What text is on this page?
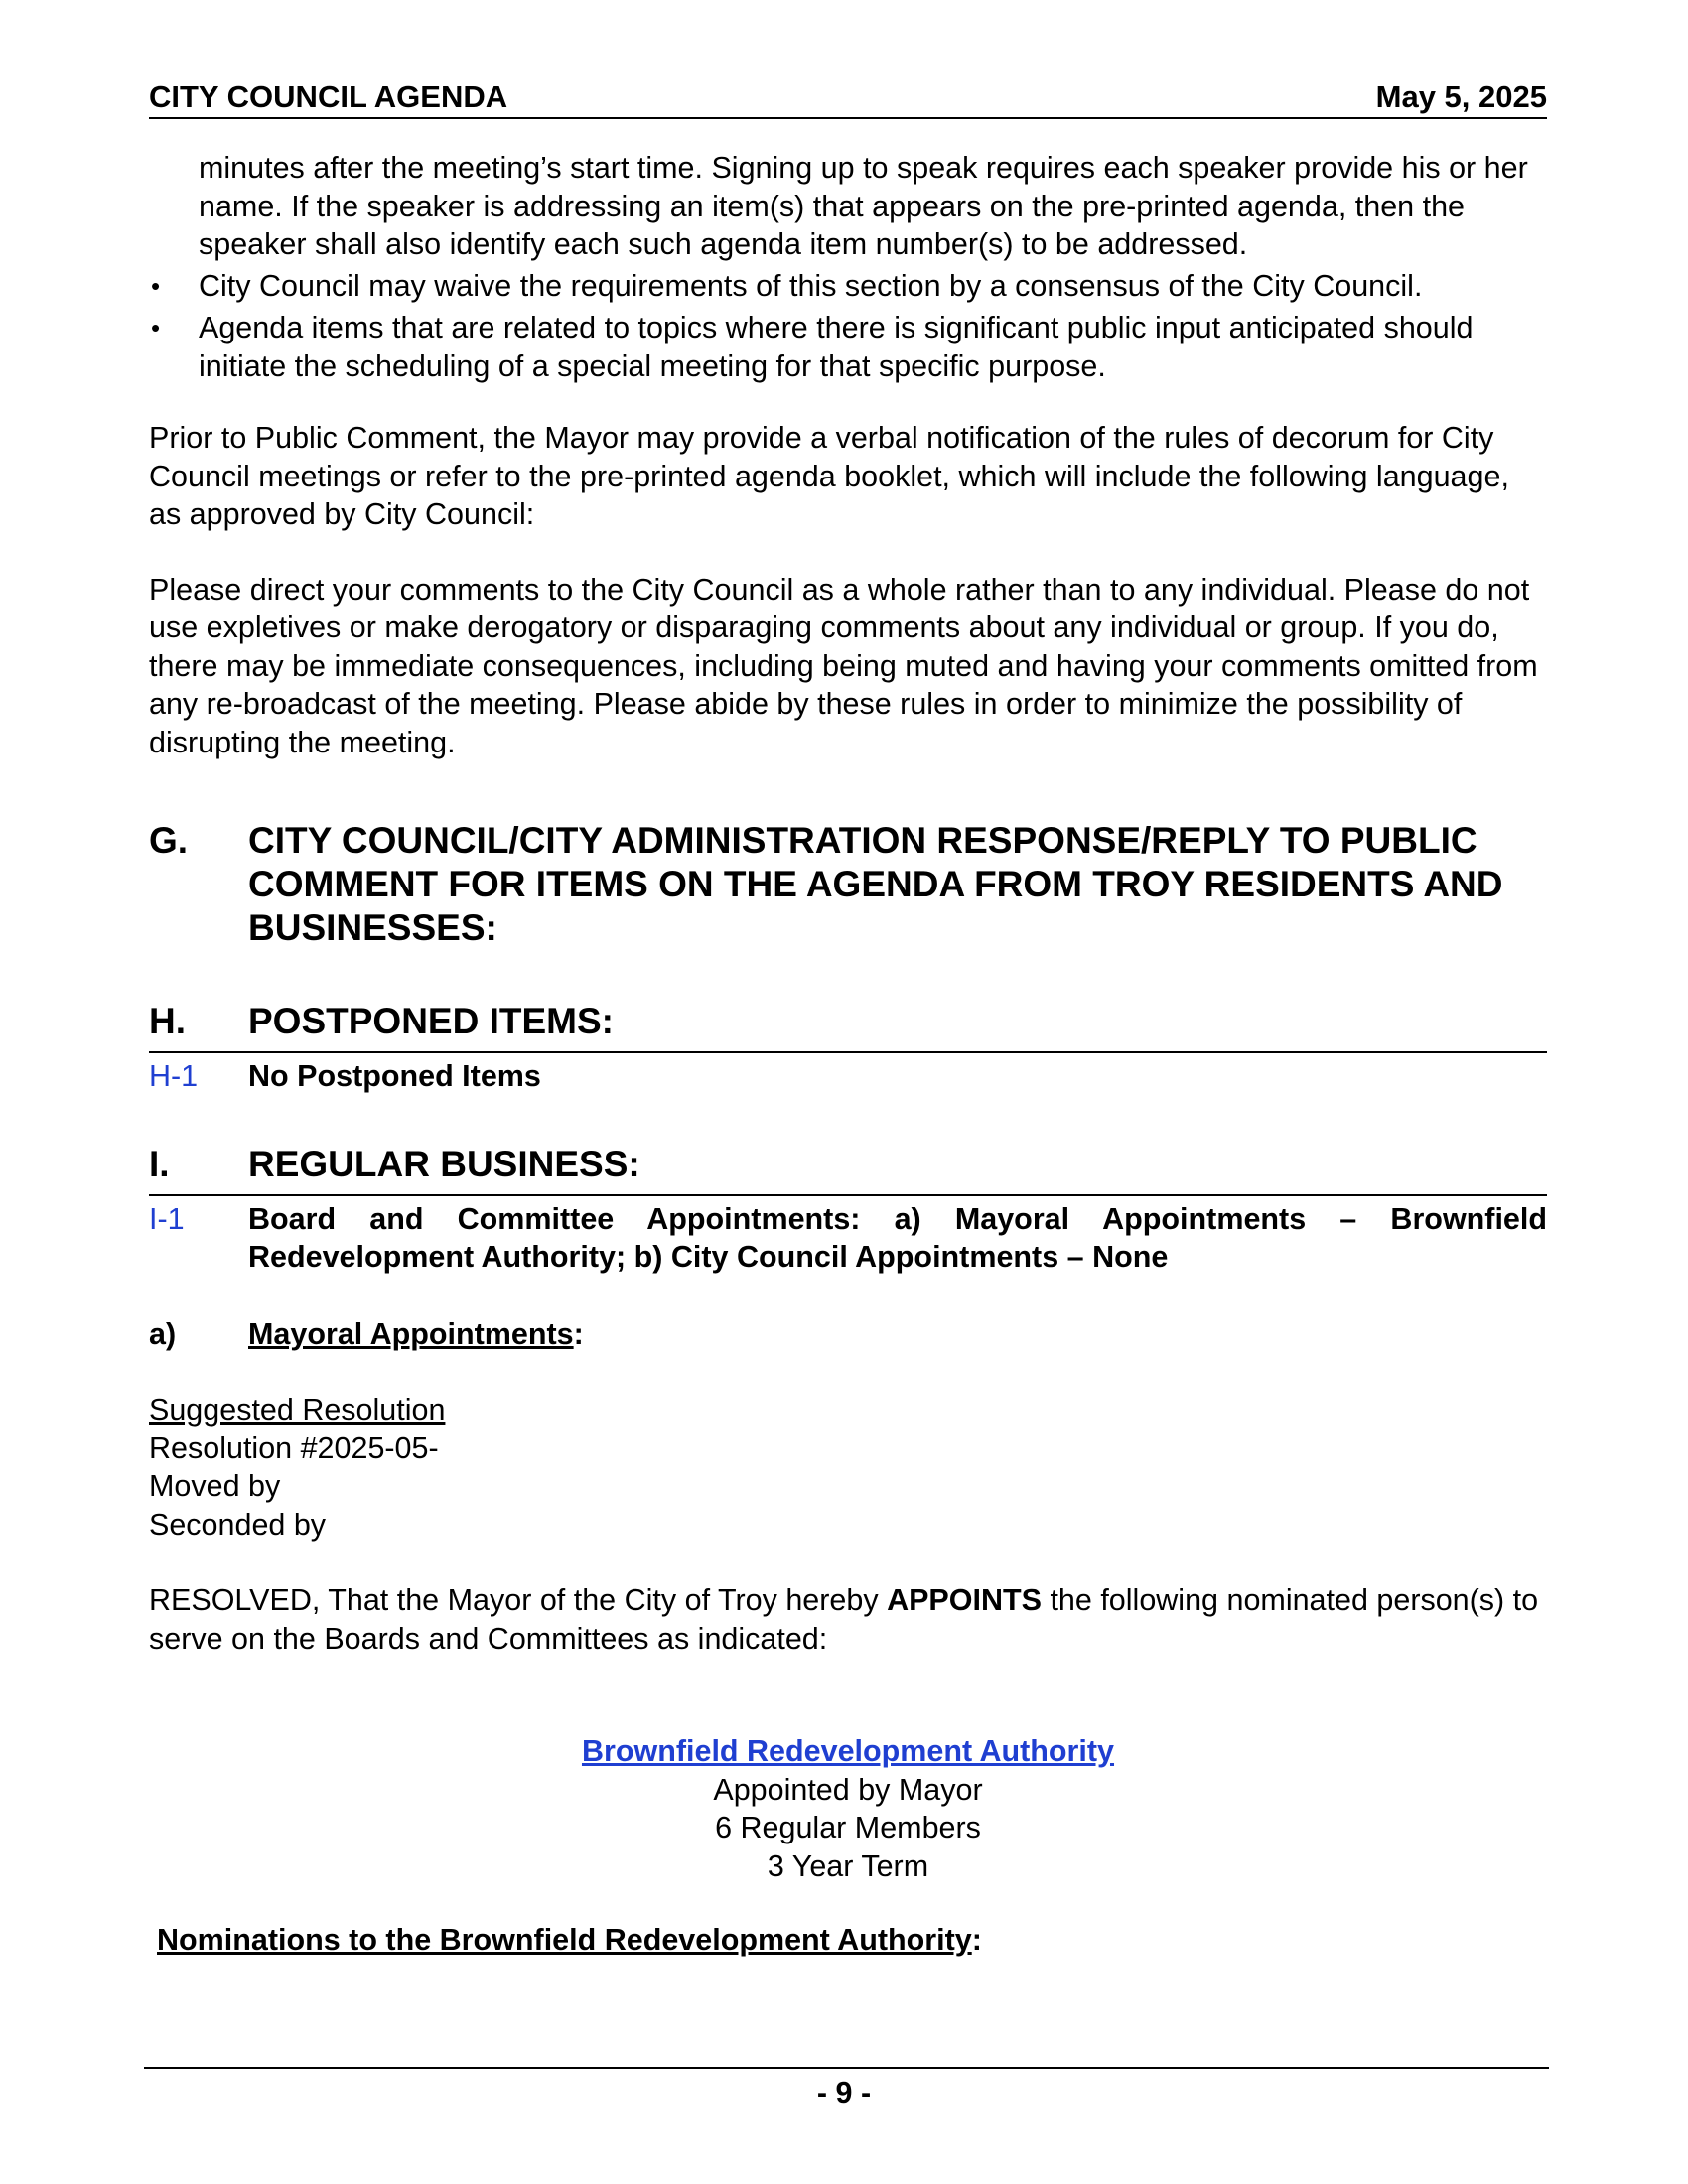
CITY COUNCIL AGENDA	May 5, 2025
minutes after the meeting’s start time. Signing up to speak requires each speaker provide his or her name. If the speaker is addressing an item(s) that appears on the pre-printed agenda, then the speaker shall also identify each such agenda item number(s) to be addressed.
• City Council may waive the requirements of this section by a consensus of the City Council.
• Agenda items that are related to topics where there is significant public input anticipated should initiate the scheduling of a special meeting for that specific purpose.
Prior to Public Comment, the Mayor may provide a verbal notification of the rules of decorum for City Council meetings or refer to the pre-printed agenda booklet, which will include the following language, as approved by City Council:
Please direct your comments to the City Council as a whole rather than to any individual. Please do not use expletives or make derogatory or disparaging comments about any individual or group. If you do, there may be immediate consequences, including being muted and having your comments omitted from any re-broadcast of the meeting. Please abide by these rules in order to minimize the possibility of disrupting the meeting.
G.	CITY COUNCIL/CITY ADMINISTRATION RESPONSE/REPLY TO PUBLIC COMMENT FOR ITEMS ON THE AGENDA FROM TROY RESIDENTS AND BUSINESSES:
H.	POSTPONED ITEMS:
H-1	No Postponed Items
I.	REGULAR BUSINESS:
I-1	Board and Committee Appointments: a) Mayoral Appointments – Brownfield Redevelopment Authority; b) City Council Appointments – None
a)	Mayoral Appointments:
Suggested Resolution
Resolution #2025-05-
Moved by
Seconded by
RESOLVED, That the Mayor of the City of Troy hereby APPOINTS the following nominated person(s) to serve on the Boards and Committees as indicated:
Brownfield Redevelopment Authority
Appointed by Mayor
6 Regular Members
3 Year Term
Nominations to the Brownfield Redevelopment Authority:
- 9 -
